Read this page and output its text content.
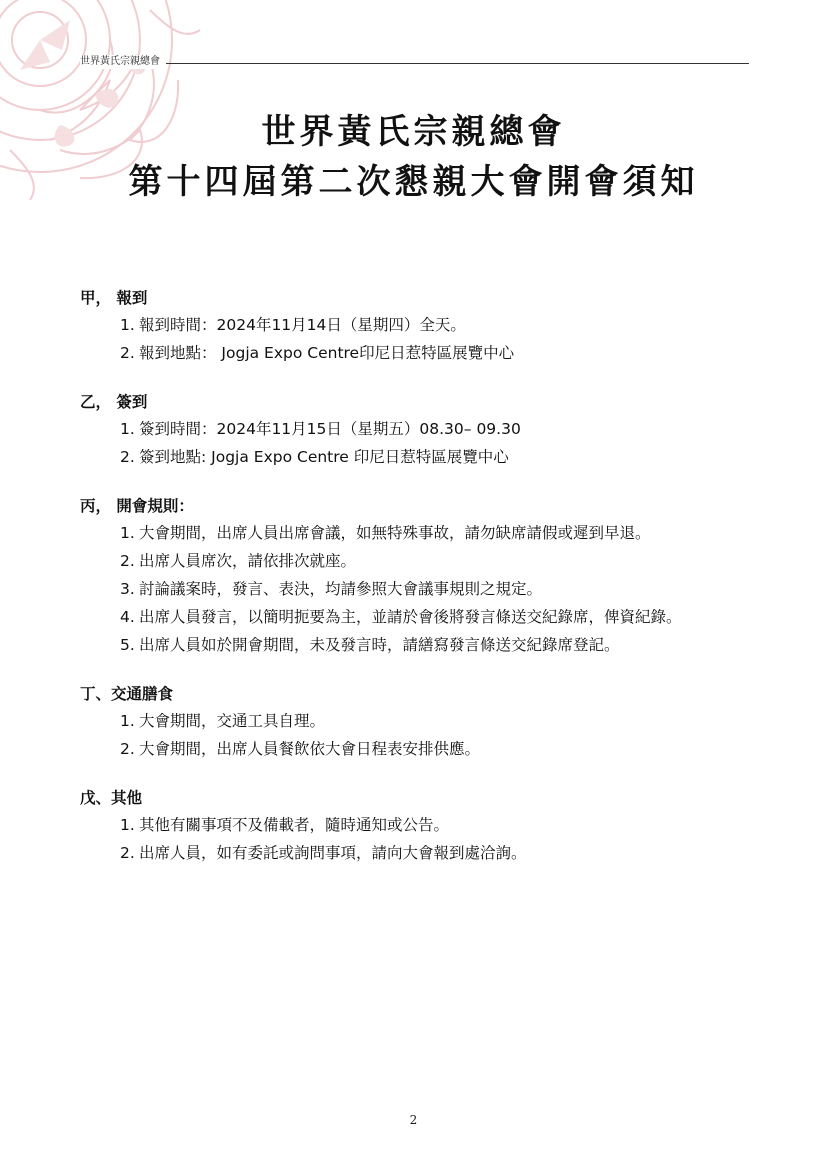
世界黃氏宗親總會
世界黃氏宗親總會
第十四屆第二次懇親大會開會須知

甲， 報到

1. 報到時間：2024年11月14日（星期四）全天。
2. 報到地點： Jogja Expo Centre印尼日惹特區展覽中心

乙， 簽到

1. 簽到時間：2024年11月15日（星期五）08.30– 09.30
2. 簽到地點: Jogja Expo Centre 印尼日惹特區展覽中心

丙， 開會規則：

1. 大會期間，出席人員出席會議，如無特殊事故，請勿缺席請假或遲到早退。
2. 出席人員席次，請依排次就座。
3. 討論議案時，發言、表決，均請參照大會議事規則之規定。
4. 出席人員發言，以簡明扼要為主，並請於會後將發言條送交紀錄席，俾資紀錄。
5. 出席人員如於開會期間，未及發言時，請繕寫發言條送交紀錄席登記。

丁、交通膳食

1. 大會期間，交通工具自理。
2. 大會期間，出席人員餐飲依大會日程表安排供應。

戊、其他

1. 其他有關事項不及備載者，隨時通知或公告。
2. 出席人員，如有委託或詢問事項，請向大會報到處洽詢。
2
